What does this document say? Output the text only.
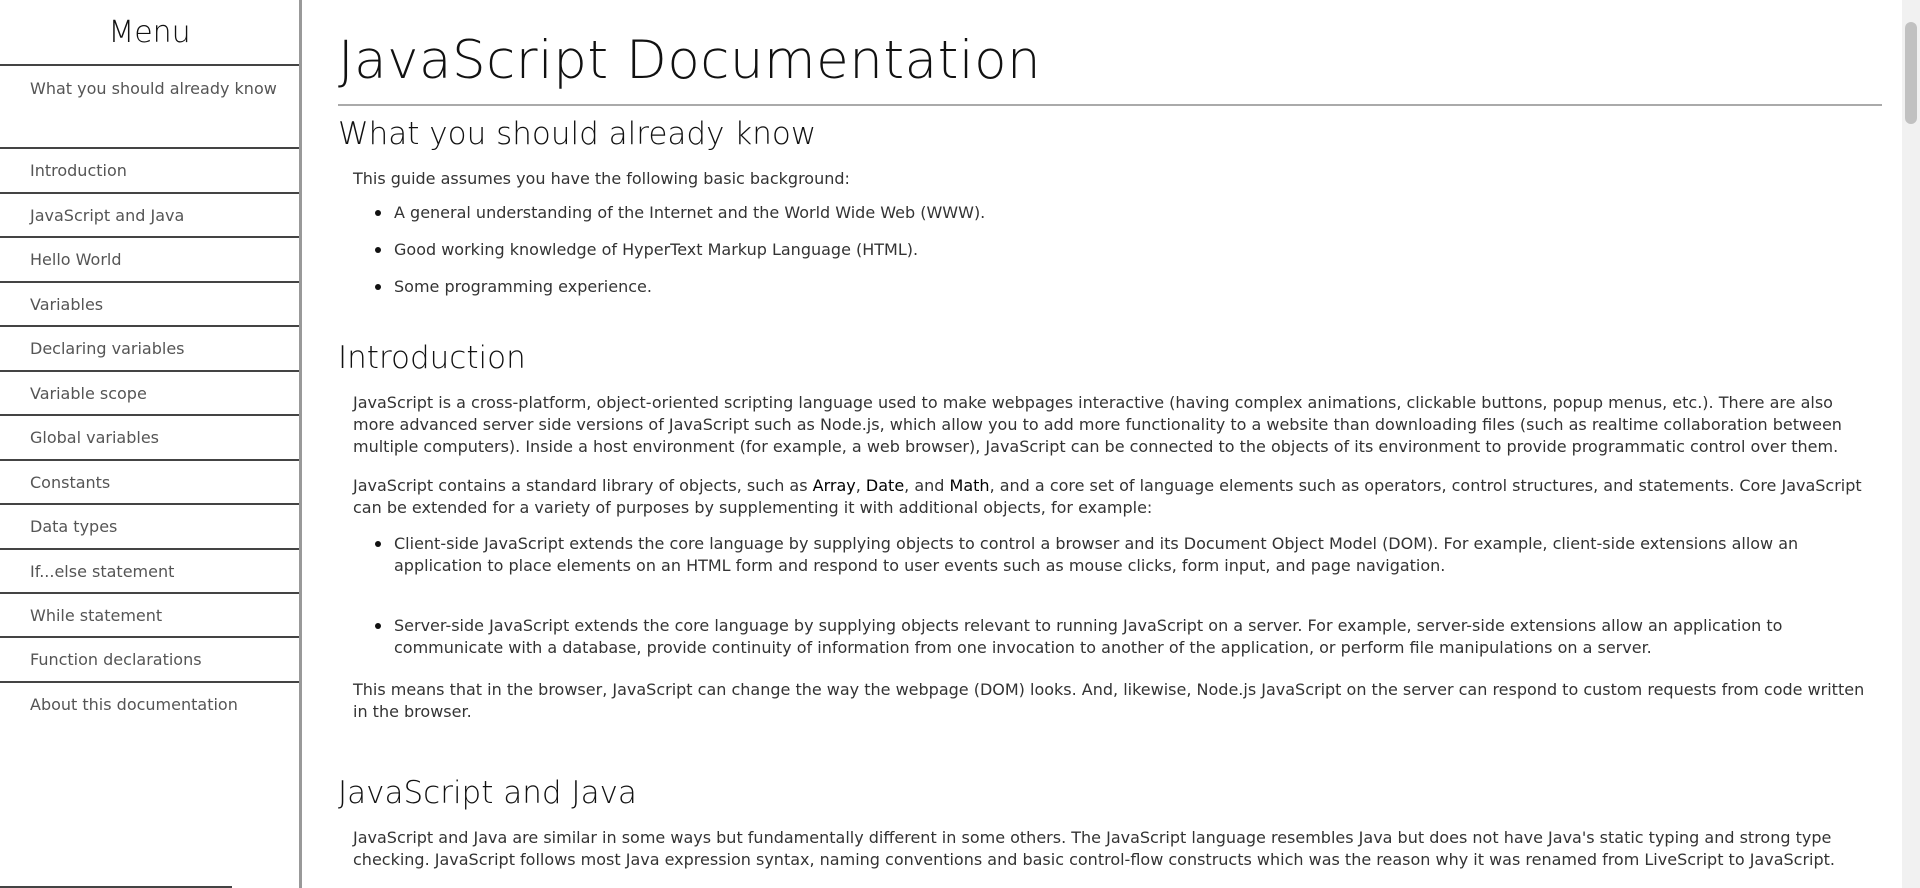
Menu
What you should already know
Introduction
JavaScript and Java
Hello World
Variables
Declaring variables
Variable scope
Global variables
Constants
Data types
If...else statement
While statement
Function declarations
About this documentation
JavaScript Documentation
What you should already know

This guide assumes you have the following basic background:

A general understanding of the Internet and the World Wide Web (WWW).
Good working knowledge of HyperText Markup Language (HTML).
Some programming experience.
Introduction

JavaScript is a cross-platform, object-oriented scripting language used to make webpages interactive (having complex animations, clickable buttons, popup menus, etc.). There are also more advanced server side versions of JavaScript such as Node.js, which allow you to add more functionality to a website than downloading files (such as realtime collaboration between multiple computers). Inside a host environment (for example, a web browser), JavaScript can be connected to the objects of its environment to provide programmatic control over them.

JavaScript contains a standard library of objects, such as Array, Date, and Math, and a core set of language elements such as operators, control structures, and statements. Core JavaScript can be extended for a variety of purposes by supplementing it with additional objects, for example:

Client-side JavaScript extends the core language by supplying objects to control a browser and its Document Object Model (DOM). For example, client-side extensions allow an application to place elements on an HTML form and respond to user events such as mouse clicks, form input, and page navigation.
Server-side JavaScript extends the core language by supplying objects relevant to running JavaScript on a server. For example, server-side extensions allow an application to communicate with a database, provide continuity of information from one invocation to another of the application, or perform file manipulations on a server.

This means that in the browser, JavaScript can change the way the webpage (DOM) looks. And, likewise, Node.js JavaScript on the server can respond to custom requests from code written in the browser.

JavaScript and Java

JavaScript and Java are similar in some ways but fundamentally different in some others. The JavaScript language resembles Java but does not have Java's static typing and strong type checking. JavaScript follows most Java expression syntax, naming conventions and basic control-flow constructs which was the reason why it was renamed from LiveScript to JavaScript.
